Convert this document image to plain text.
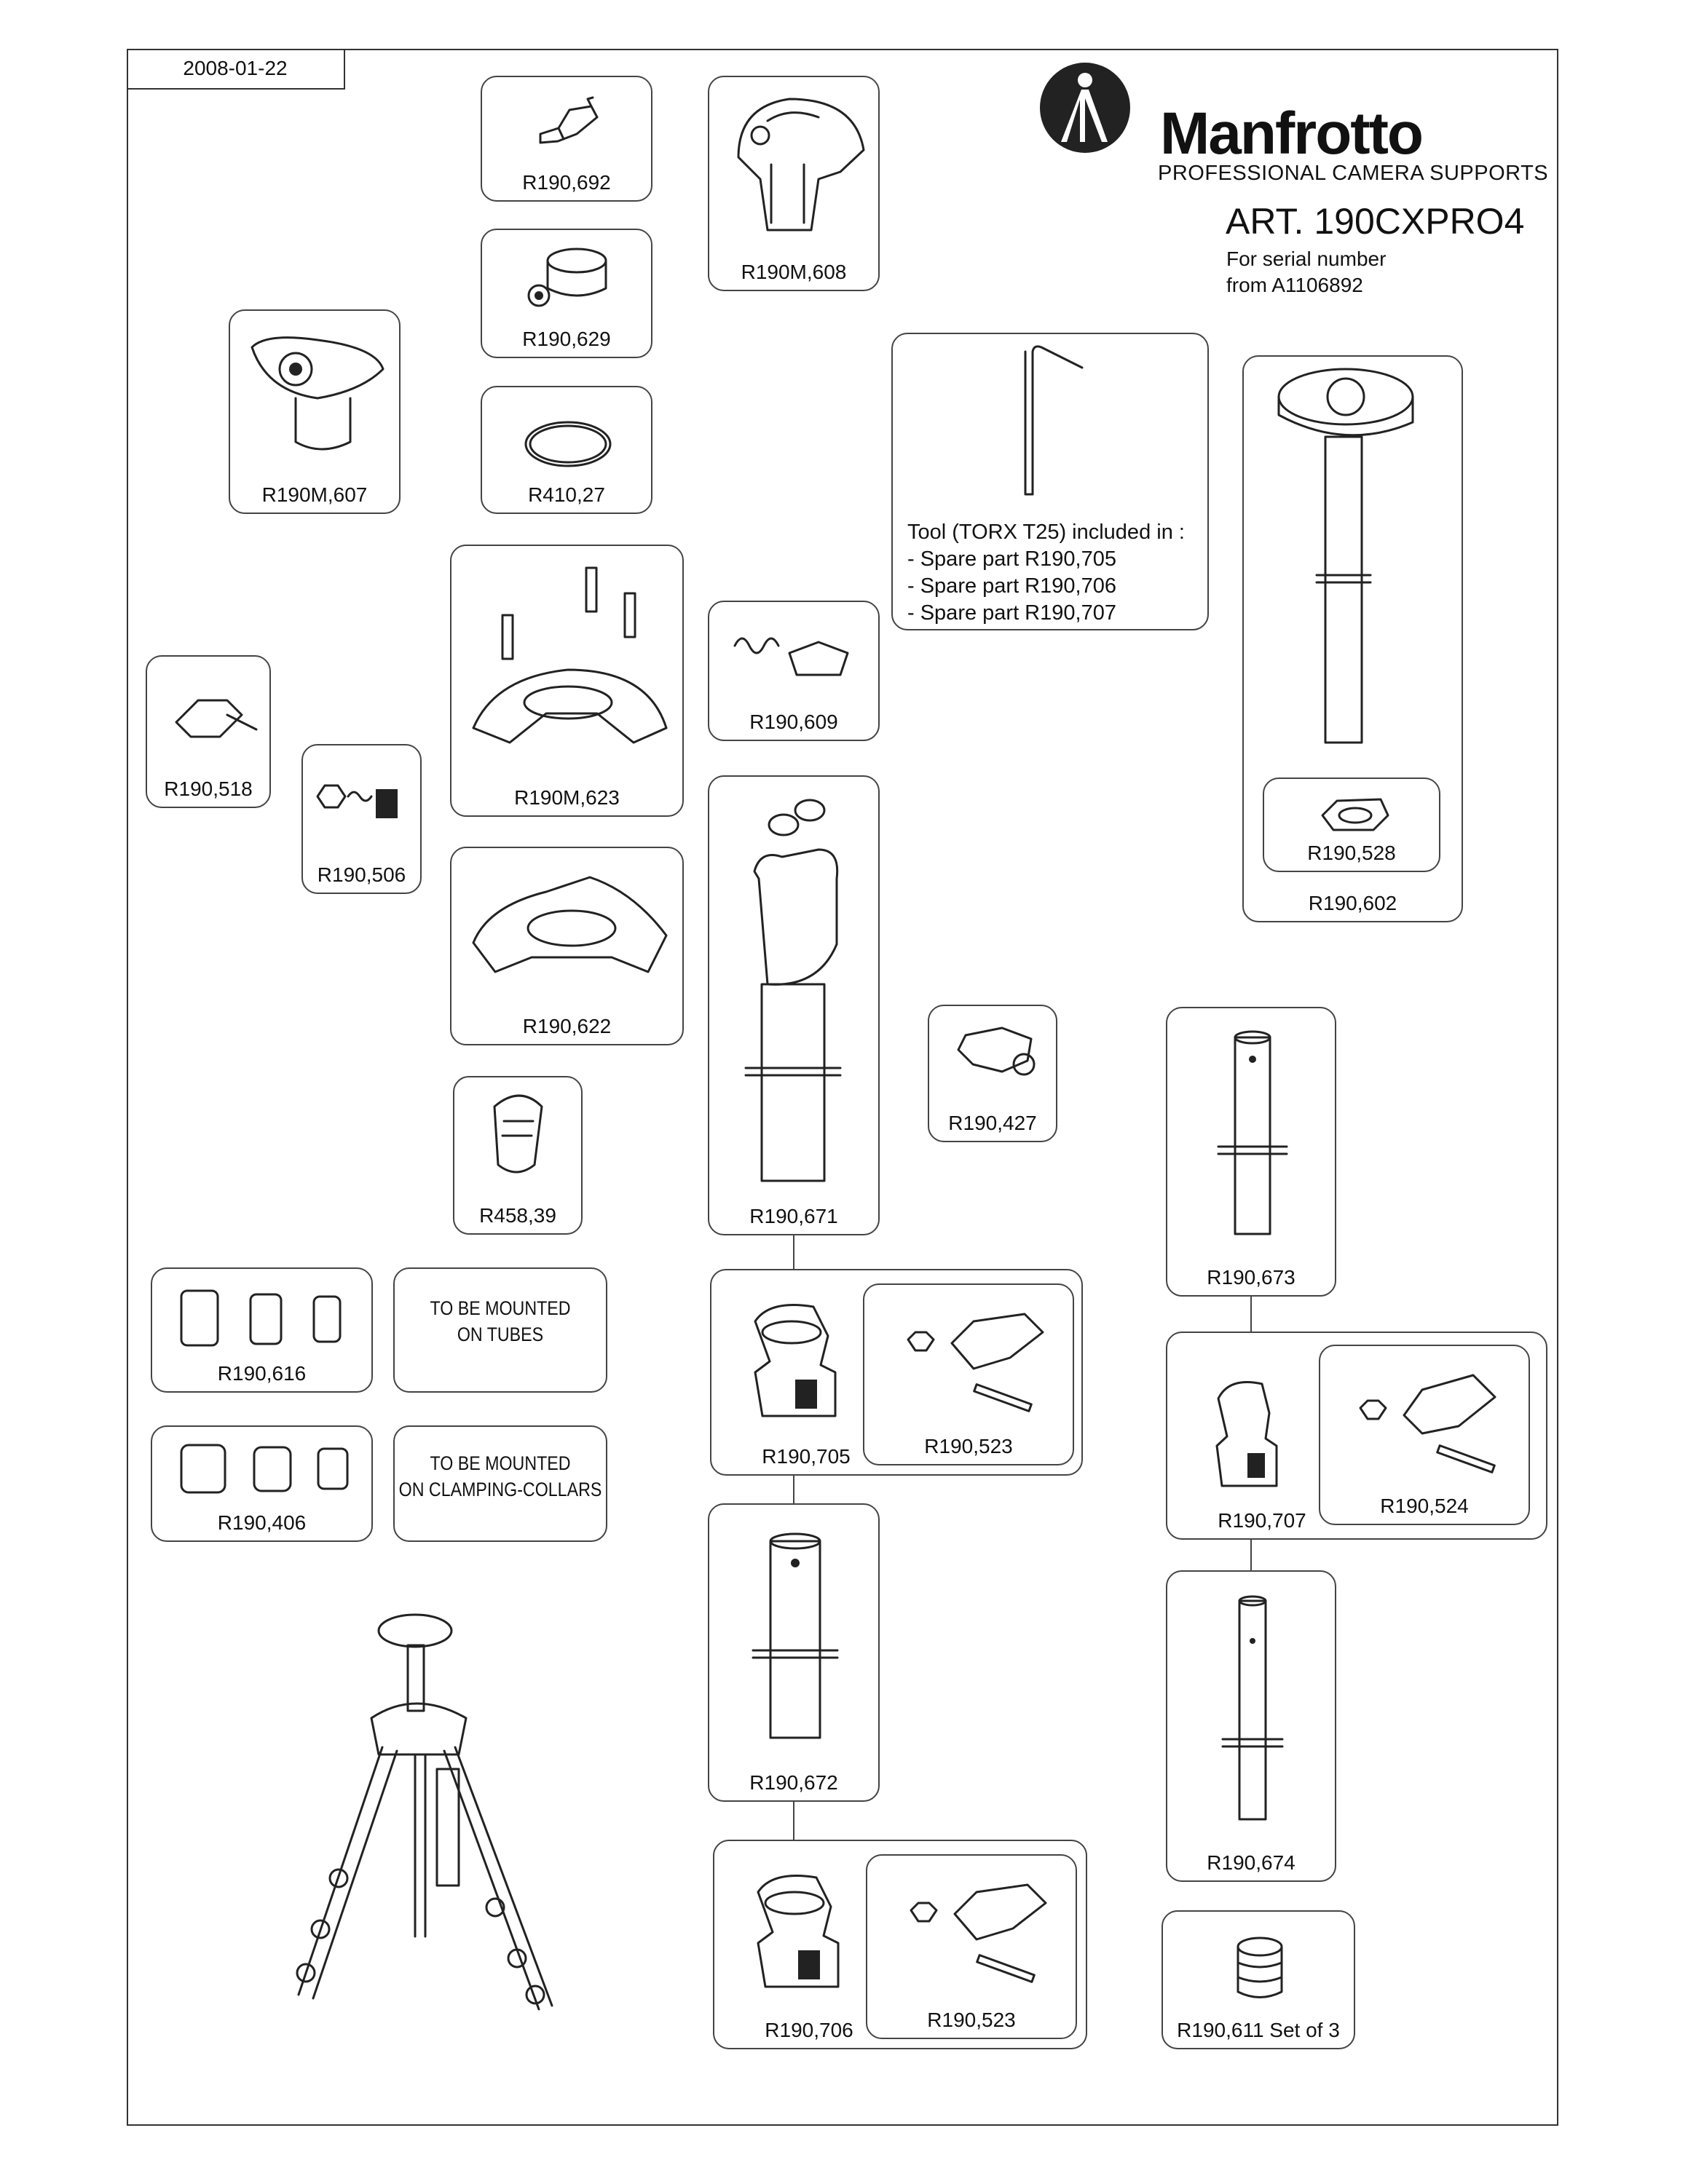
2008-01-22
Manfrotto
PROFESSIONAL CAMERA SUPPORTS
ART. 190CXPRO4
For serial number
from A1106892
R190,692
R190,629
R410,27
R190M,608
R190M,607
Tool (TORX T25) included in :
- Spare part R190,705
- Spare part R190,706
- Spare part R190,707
R190,528
R190,602
R190M,623
R190,609
R190,518
R190,506
R190,622
R190,671
R458,39
R190,427
R190,673
R190,616
TO BE MOUNTED
ON TUBES
R190,406
TO BE MOUNTED
ON CLAMPING-COLLARS
R190,523
R190,705
R190,524
R190,707
R190,672
R190,674
R190,523
R190,706	R190,611 Set of 3
